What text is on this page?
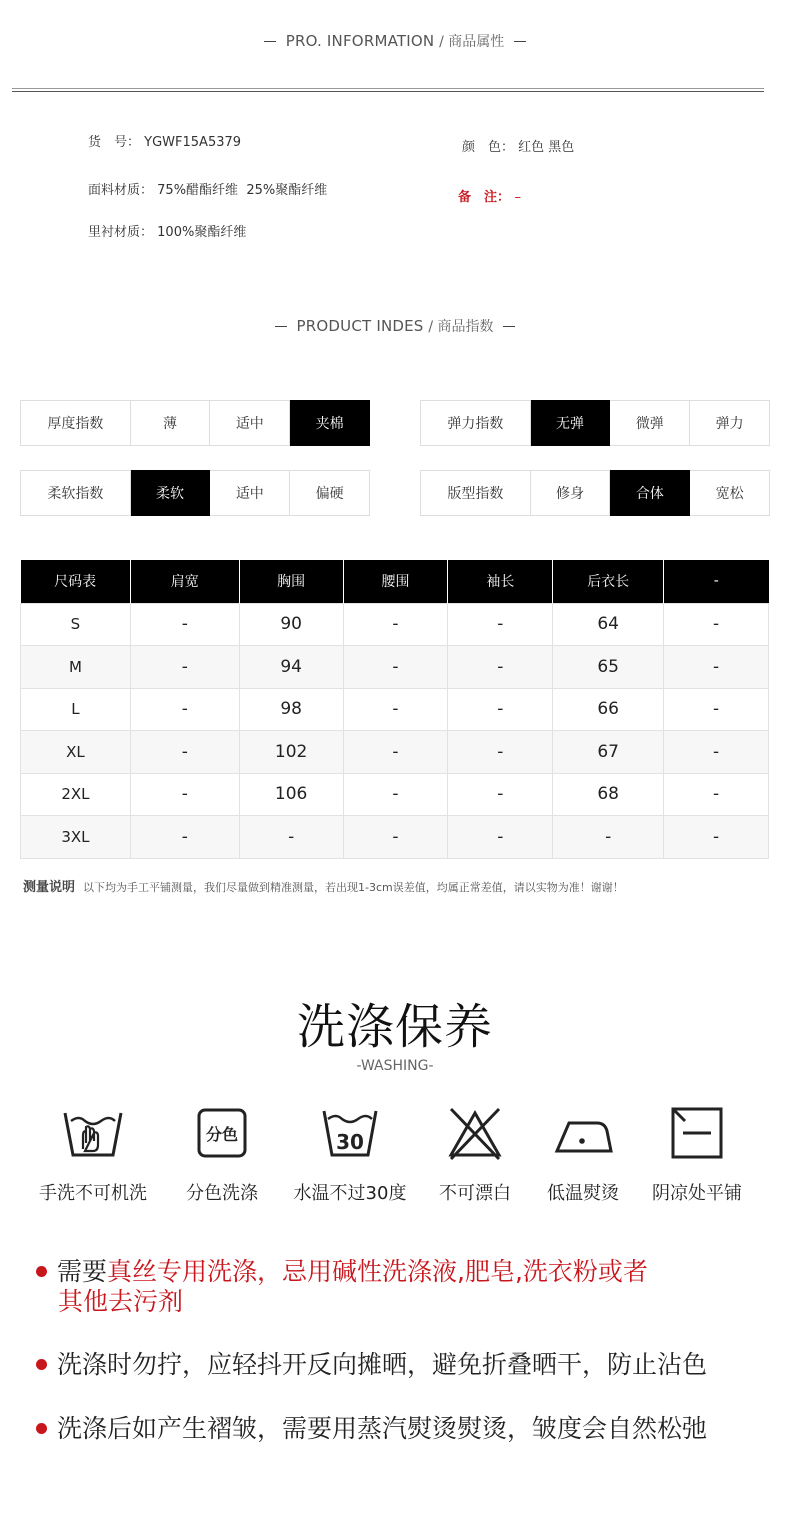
PRO. INFORMATION / 商品属性
货　号： YGWF15A5379
面料材质： 75%醋酯纤维  25%聚酯纤维
里衬材质： 100%聚酯纤维
颜　色： 红色 黑色
备　注： –
PRODUCT INDES / 商品指数
厚度指数	薄	适中	夹棉	弹力指数	无弹	微弹	弹力
柔软指数	柔软	适中	偏硬	版型指数	修身	合体	宽松
尺码表	肩宽	胸围	腰围	袖长	后衣长	-
S	-	90	-	-	64	-
M	-	94	-	-	65	-
L	-	98	-	-	66	-
XL	-	102	-	-	67	-
2XL	-	106	-	-	68	-
3XL	-	-	-	-	-	-
测量说明 以下均为手工平铺测量，我们尽量做到精准测量，若出现1-3cm误差值，均属正常差值，请以实物为准！谢谢！
洗涤保养
-WASHING-
手洗不可机洗
分色
分色洗涤
30
水温不过30度	不可漂白	低温熨烫	阴凉处平铺
需要真丝专用洗涤，忌用碱性洗涤液,肥皂,洗衣粉或者
其他去污剂
洗涤时勿拧，应轻抖开反向摊晒，避免折叠晒干，防止沾色
洗涤后如产生褶皱，需要用蒸汽熨烫熨烫，皱度会自然松弛
